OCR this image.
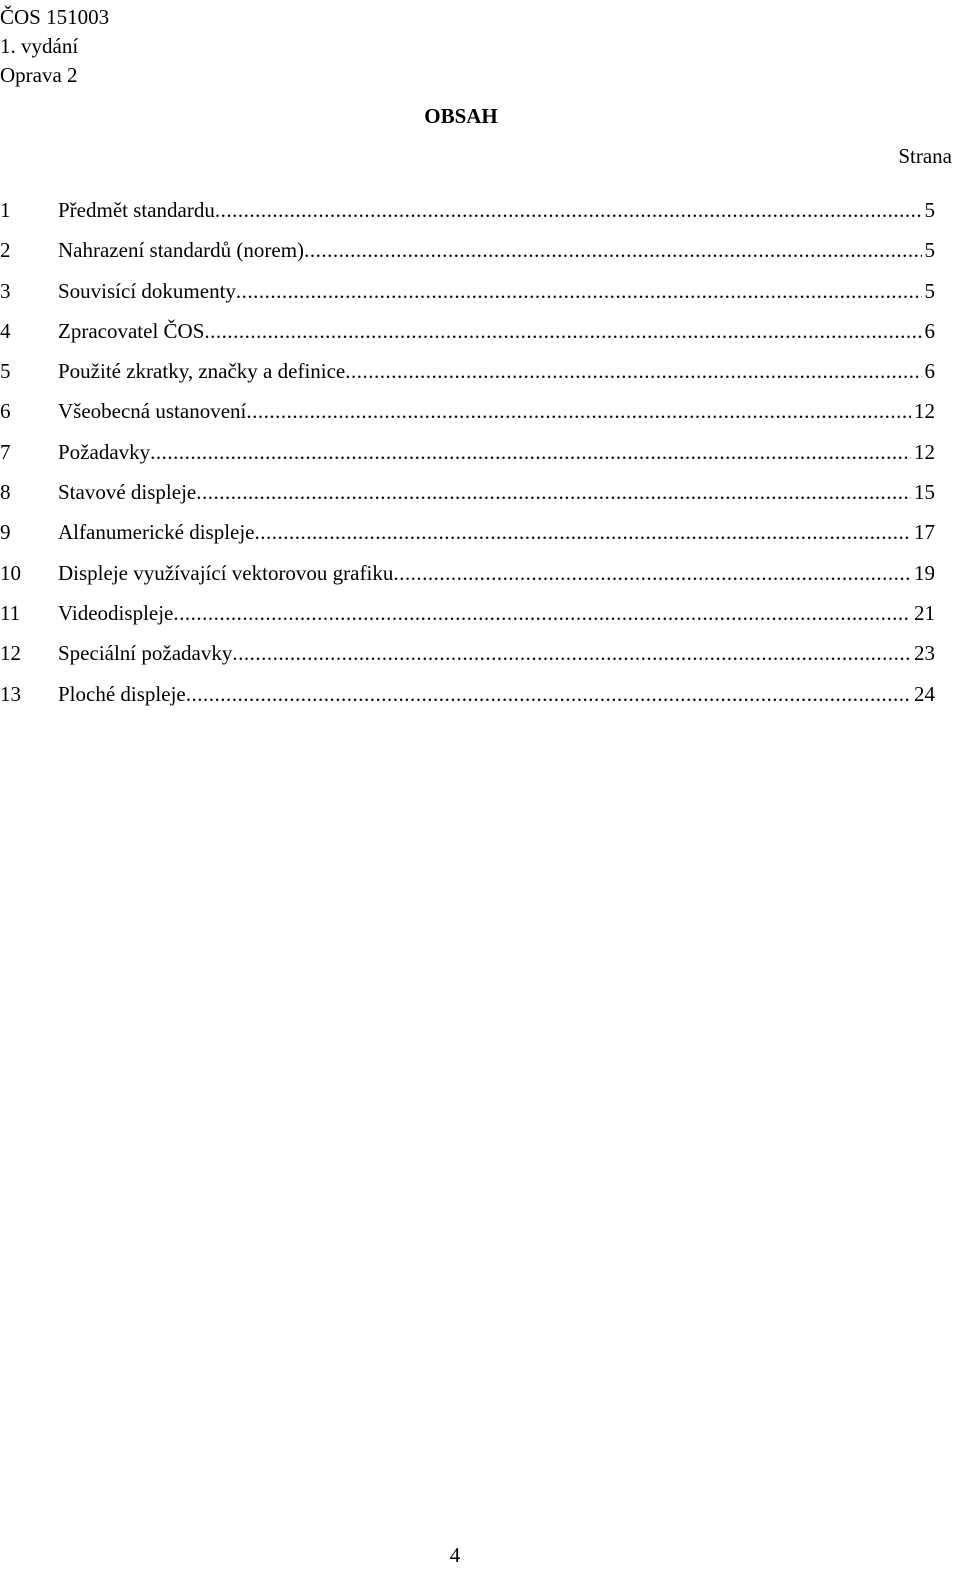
ČOS 151003
1. vydání
Oprava 2
OBSAH
Strana
1	Předmět standardu .....	5
2	Nahrazení standardů (norem) .....	5
3	Souvisící dokumenty .....	5
4	Zpracovatel ČOS .....	6
5	Použité zkratky, značky a definice .....	6
6	Všeobecná ustanovení .....	12
7	Požadavky .....	12
8	Stavové displeje .....	15
9	Alfanumerické displeje .....	17
10	Displeje využívající vektorovou grafiku .....	19
11	Videodispleje .....	21
12	Speciální požadavky .....	23
13	Ploché displeje .....	24
4
